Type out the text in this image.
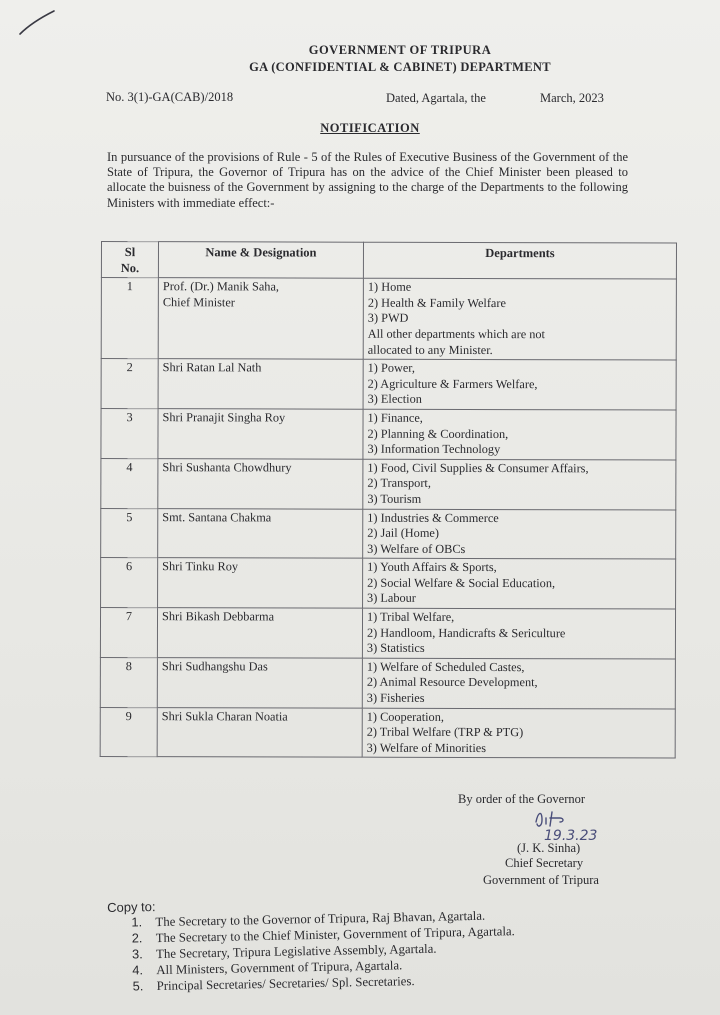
GOVERNMENT OF TRIPURA
GA (CONFIDENTIAL & CABINET) DEPARTMENT
No. 3(1)-GA(CAB)/2018	Dated, Agartala, the	March, 2023
NOTIFICATION
In pursuance of the provisions of Rule - 5 of the Rules of Executive Business of the Government of the State of Tripura, the Governor of Tripura has on the advice of the Chief Minister been pleased to allocate the buisness of the Government by assigning to the charge of the Departments to the following Ministers with immediate effect:-
Sl
No.	Name & Designation	Departments
1	Prof. (Dr.) Manik Saha,
Chief Minister	1) Home
2) Health & Family Welfare
3) PWD
All other departments which are not
allocated to any Minister.

2	Shri Ratan Lal Nath	1) Power,
2) Agriculture & Farmers Welfare,
3) Election

3	Shri Pranajit Singha Roy	1) Finance,
2) Planning & Coordination,
3) Information Technology

4	Shri Sushanta Chowdhury	1) Food, Civil Supplies & Consumer Affairs,
2) Transport,
3) Tourism

5	Smt. Santana Chakma	1) Industries & Commerce
2) Jail (Home)
3) Welfare of OBCs

6	Shri Tinku Roy	1) Youth Affairs & Sports,
2) Social Welfare & Social Education,
3) Labour

7	Shri Bikash Debbarma	1) Tribal Welfare,
2) Handloom, Handicrafts & Sericulture
3) Statistics

8	Shri Sudhangshu Das	1) Welfare of Scheduled Castes,
2) Animal Resource Development,
3) Fisheries

9	Shri Sukla Charan Noatia	1) Cooperation,
2) Tribal Welfare (TRP & PTG)
3) Welfare of Minorities
By order of the Governor
19.3.23
(J. K. Sinha)
Chief Secretary
Government of Tripura
Copy to:
1. The Secretary to the Governor of Tripura, Raj Bhavan, Agartala.
2. The Secretary to the Chief Minister, Government of Tripura, Agartala.
3. The Secretary, Tripura Legislative Assembly, Agartala.
4. All Ministers, Government of Tripura, Agartala.
5. Principal Secretaries/ Secretaries/ Spl. Secretaries.
